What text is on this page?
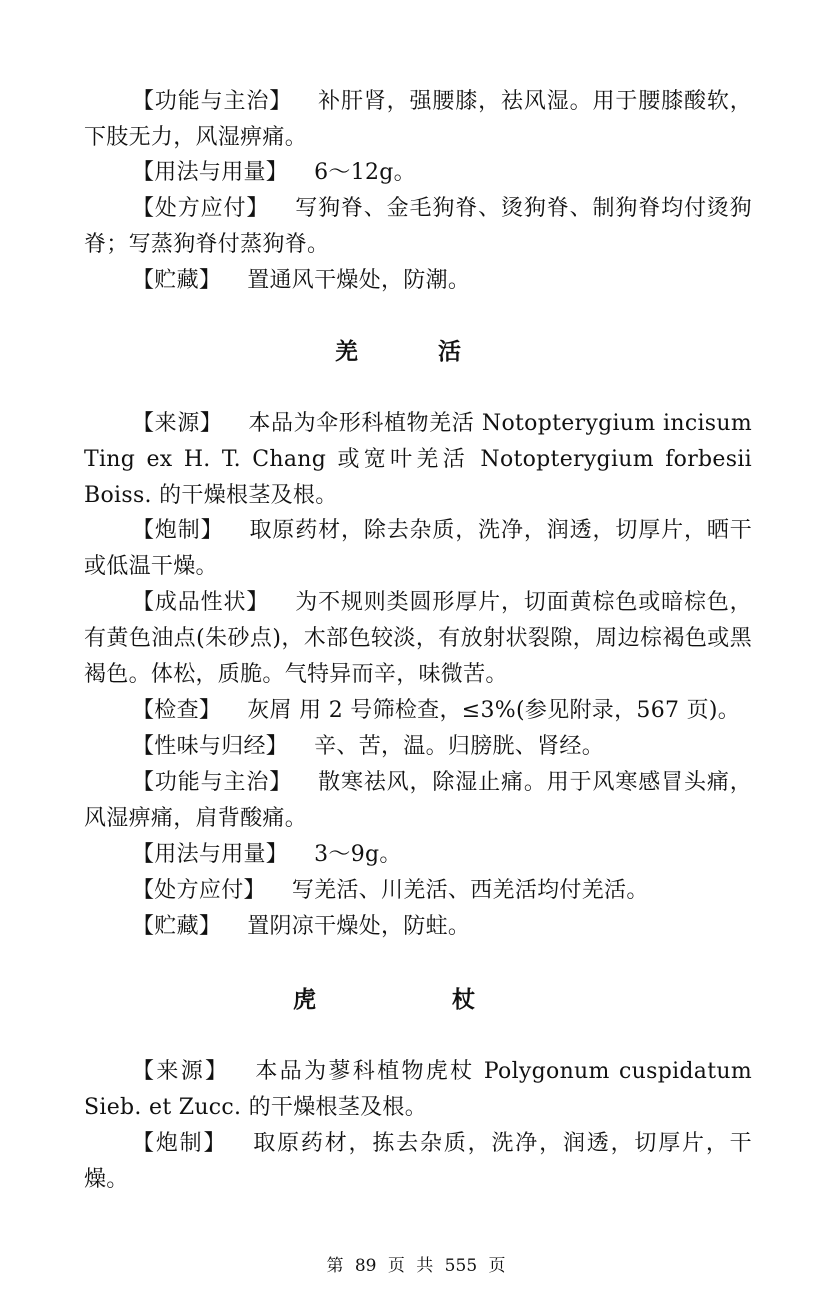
【功能与主治】 补肝肾，强腰膝，祛风湿。用于腰膝酸软，下肢无力，风湿痹痛。

【用法与用量】 6～12g。

【处方应付】 写狗脊、金毛狗脊、烫狗脊、制狗脊均付烫狗脊；写蒸狗脊付蒸狗脊。

【贮藏】 置通风干燥处，防潮。

羌 活

【来源】 本品为伞形科植物羌活 Notopterygium incisum Ting ex H. T. Chang 或宽叶羌活 Notopterygium forbesii Boiss. 的干燥根茎及根。

【炮制】 取原药材，除去杂质，洗净，润透，切厚片，晒干或低温干燥。

【成品性状】 为不规则类圆形厚片，切面黄棕色或暗棕色，有黄色油点(朱砂点)，木部色较淡，有放射状裂隙，周边棕褐色或黑褐色。体松，质脆。气特异而辛，味微苦。

【检查】 灰屑 用 2 号筛检查，≤3%(参见附录，567 页)。

【性味与归经】 辛、苦，温。归膀胱、肾经。

【功能与主治】 散寒祛风，除湿止痛。用于风寒感冒头痛，风湿痹痛，肩背酸痛。

【用法与用量】 3～9g。

【处方应付】 写羌活、川羌活、西羌活均付羌活。

【贮藏】 置阴凉干燥处，防蛀。

虎 杖

【来源】 本品为蓼科植物虎杖 Polygonum cuspidatum Sieb. et Zucc. 的干燥根茎及根。

【炮制】 取原药材，拣去杂质，洗净，润透，切厚片，干燥。

第 89 页 共 555 页
